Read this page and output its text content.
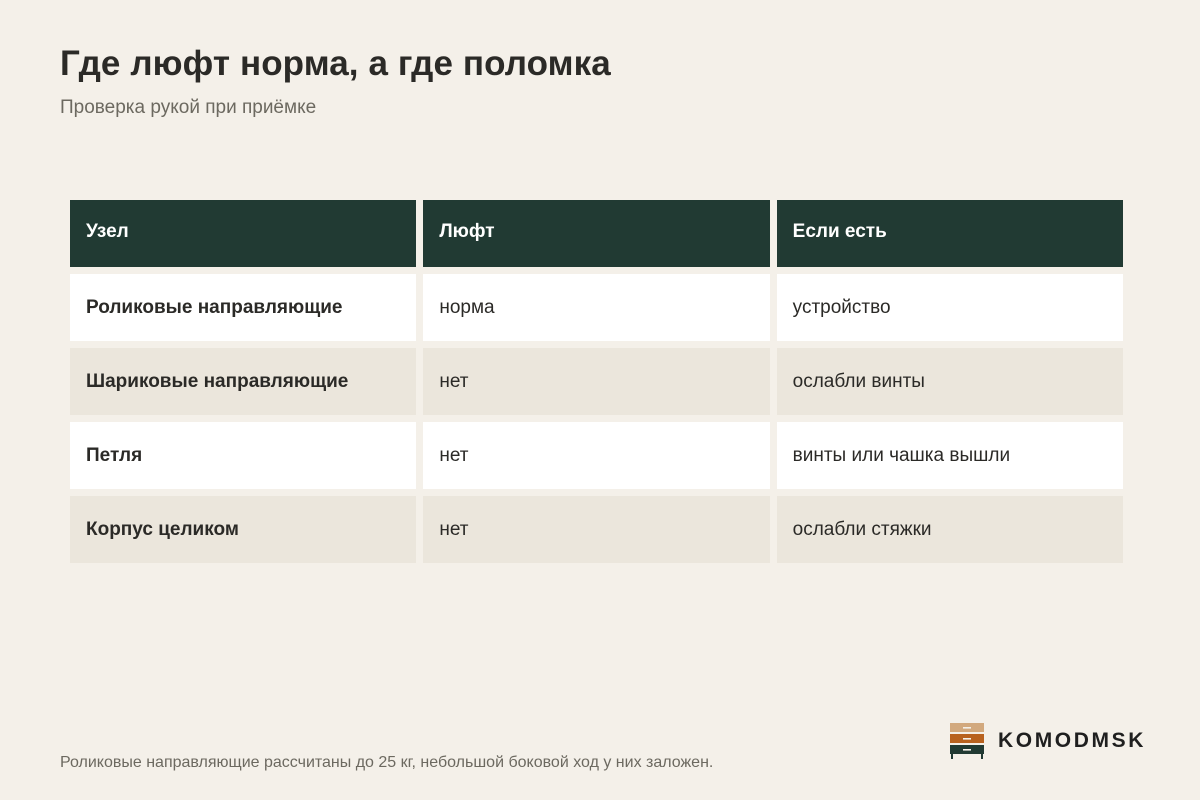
Где люфт норма, а где поломка
Проверка рукой при приёмке
Узел	Люфт	Если есть
Роликовые направляющие	норма	устройство
Шариковые направляющие	нет	ослабли винты
Петля	нет	винты или чашка вышли
Корпус целиком	нет	ослабли стяжки
Роликовые направляющие рассчитаны до 25 кг, небольшой боковой ход у них заложен.
KOMODMSK
